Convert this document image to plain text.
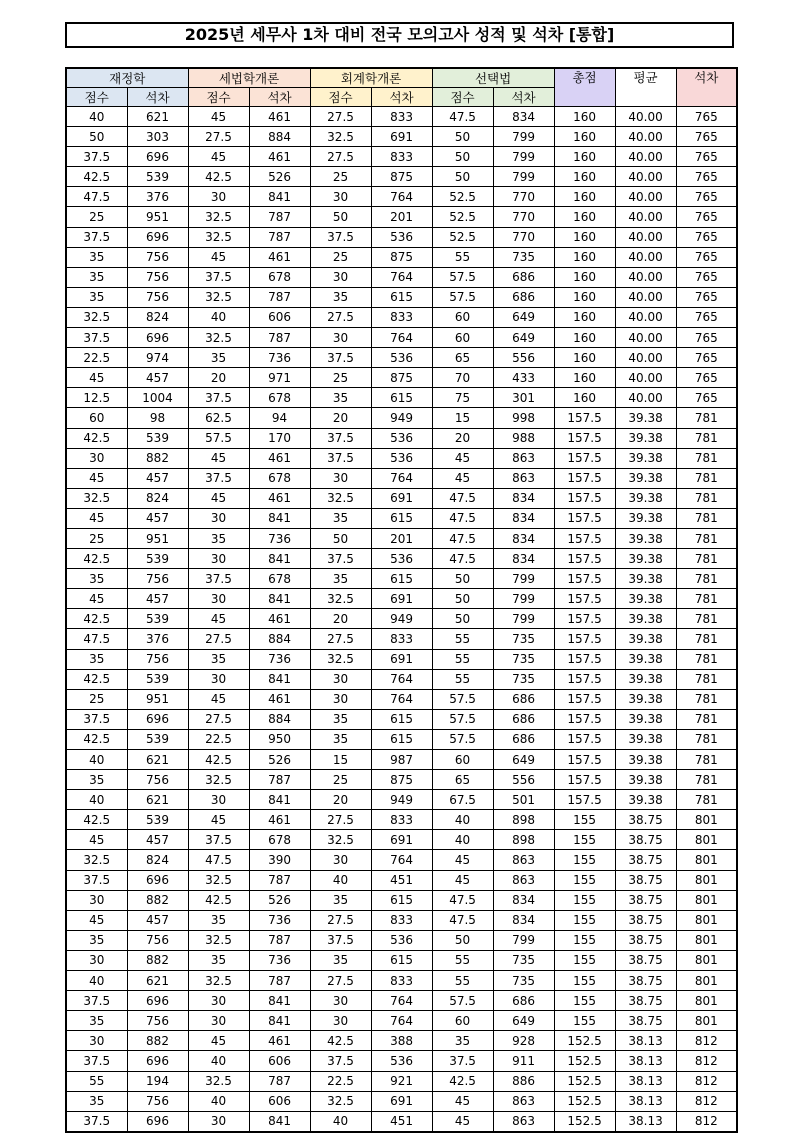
2025년 세무사 1차 대비 전국 모의고사 성적 및 석차 [통합]
재정학		세법학개론		회계학개론		선택법		총점	평균	석차
점수	석차	점수	석차	점수	석차	점수	석차			
40	621	45	461	27.5	833	47.5	834	160	40.00	765
50	303	27.5	884	32.5	691	50	799	160	40.00	765
37.5	696	45	461	27.5	833	50	799	160	40.00	765
42.5	539	42.5	526	25	875	50	799	160	40.00	765
47.5	376	30	841	30	764	52.5	770	160	40.00	765
25	951	32.5	787	50	201	52.5	770	160	40.00	765
37.5	696	32.5	787	37.5	536	52.5	770	160	40.00	765
35	756	45	461	25	875	55	735	160	40.00	765
35	756	37.5	678	30	764	57.5	686	160	40.00	765
35	756	32.5	787	35	615	57.5	686	160	40.00	765
32.5	824	40	606	27.5	833	60	649	160	40.00	765
37.5	696	32.5	787	30	764	60	649	160	40.00	765
22.5	974	35	736	37.5	536	65	556	160	40.00	765
45	457	20	971	25	875	70	433	160	40.00	765
12.5	1004	37.5	678	35	615	75	301	160	40.00	765
60	98	62.5	94	20	949	15	998	157.5	39.38	781
42.5	539	57.5	170	37.5	536	20	988	157.5	39.38	781
30	882	45	461	37.5	536	45	863	157.5	39.38	781
45	457	37.5	678	30	764	45	863	157.5	39.38	781
32.5	824	45	461	32.5	691	47.5	834	157.5	39.38	781
45	457	30	841	35	615	47.5	834	157.5	39.38	781
25	951	35	736	50	201	47.5	834	157.5	39.38	781
42.5	539	30	841	37.5	536	47.5	834	157.5	39.38	781
35	756	37.5	678	35	615	50	799	157.5	39.38	781
45	457	30	841	32.5	691	50	799	157.5	39.38	781
42.5	539	45	461	20	949	50	799	157.5	39.38	781
47.5	376	27.5	884	27.5	833	55	735	157.5	39.38	781
35	756	35	736	32.5	691	55	735	157.5	39.38	781
42.5	539	30	841	30	764	55	735	157.5	39.38	781
25	951	45	461	30	764	57.5	686	157.5	39.38	781
37.5	696	27.5	884	35	615	57.5	686	157.5	39.38	781
42.5	539	22.5	950	35	615	57.5	686	157.5	39.38	781
40	621	42.5	526	15	987	60	649	157.5	39.38	781
35	756	32.5	787	25	875	65	556	157.5	39.38	781
40	621	30	841	20	949	67.5	501	157.5	39.38	781
42.5	539	45	461	27.5	833	40	898	155	38.75	801
45	457	37.5	678	32.5	691	40	898	155	38.75	801
32.5	824	47.5	390	30	764	45	863	155	38.75	801
37.5	696	32.5	787	40	451	45	863	155	38.75	801
30	882	42.5	526	35	615	47.5	834	155	38.75	801
45	457	35	736	27.5	833	47.5	834	155	38.75	801
35	756	32.5	787	37.5	536	50	799	155	38.75	801
30	882	35	736	35	615	55	735	155	38.75	801
40	621	32.5	787	27.5	833	55	735	155	38.75	801
37.5	696	30	841	30	764	57.5	686	155	38.75	801
35	756	30	841	30	764	60	649	155	38.75	801
30	882	45	461	42.5	388	35	928	152.5	38.13	812
37.5	696	40	606	37.5	536	37.5	911	152.5	38.13	812
55	194	32.5	787	22.5	921	42.5	886	152.5	38.13	812
35	756	40	606	32.5	691	45	863	152.5	38.13	812
37.5	696	30	841	40	451	45	863	152.5	38.13	812
